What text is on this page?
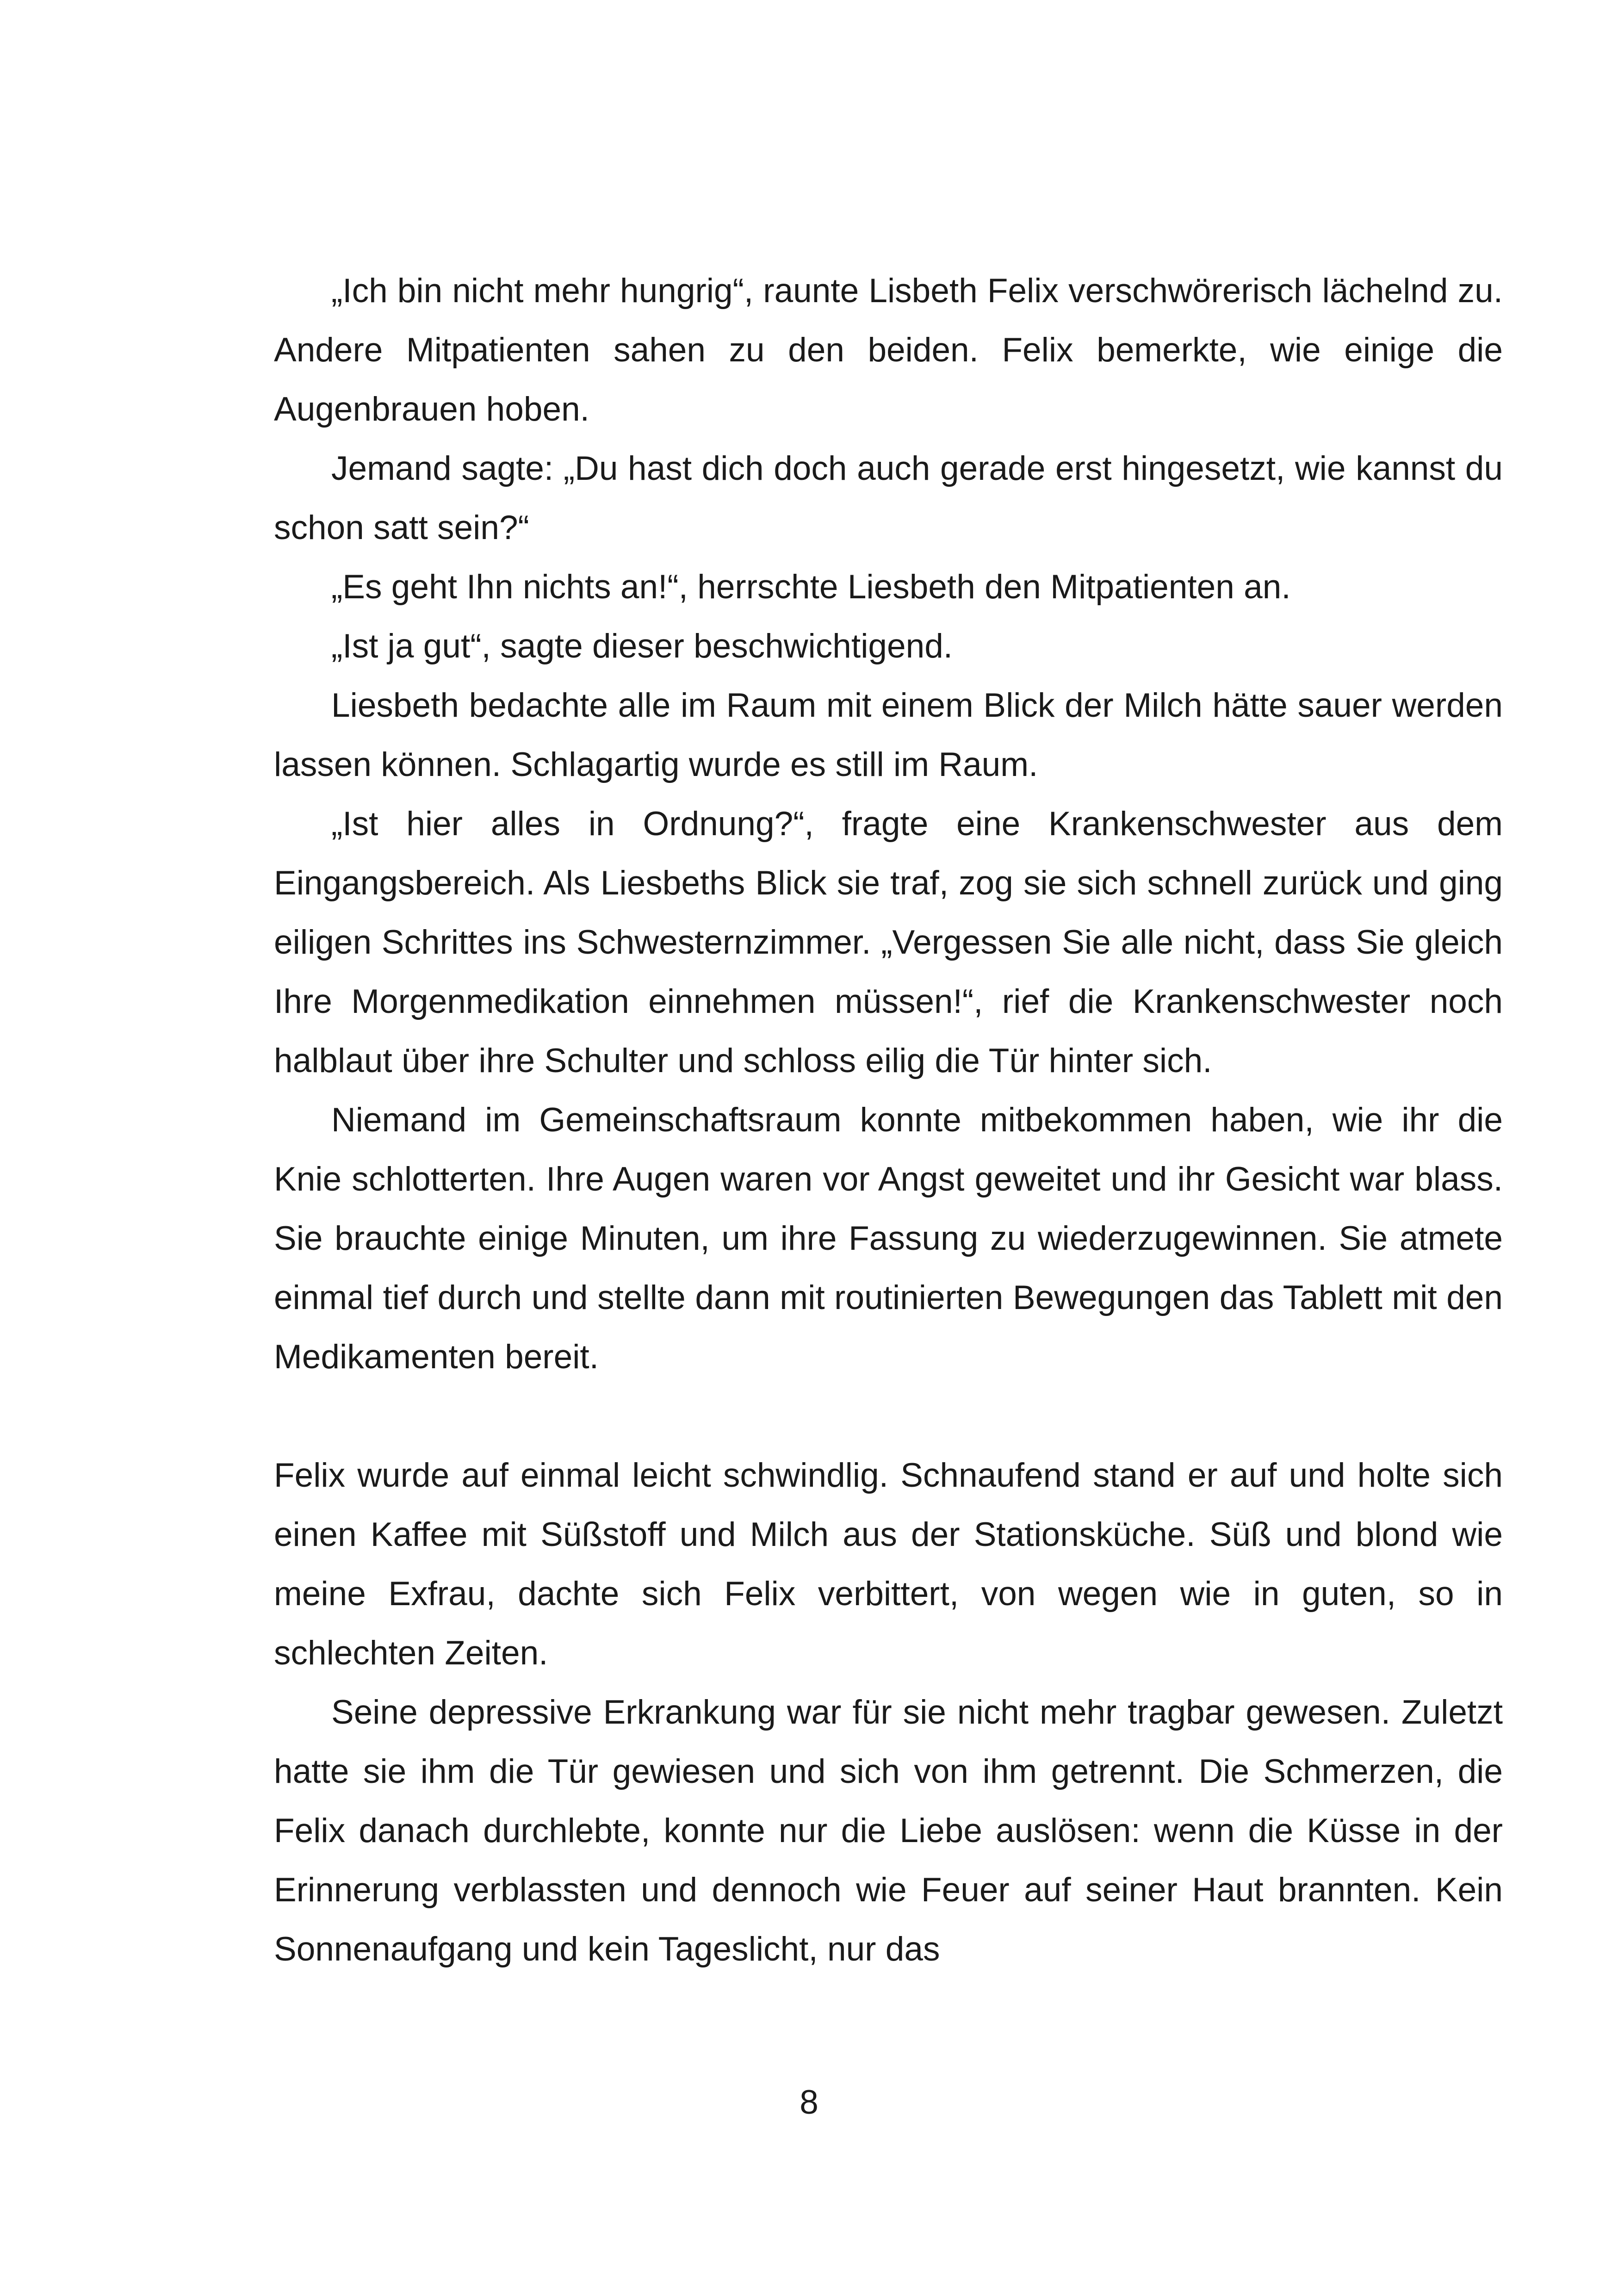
„Ich bin nicht mehr hungrig“, raunte Lisbeth Felix verschwörerisch lächelnd zu. Andere Mitpatienten sahen zu den beiden. Felix bemerkte, wie einige die Augenbrauen hoben.

Jemand sagte: „Du hast dich doch auch gerade erst hingesetzt, wie kannst du schon satt sein?“

„Es geht Ihn nichts an!“, herrschte Liesbeth den Mitpatienten an.

„Ist ja gut“, sagte dieser beschwichtigend.

Liesbeth bedachte alle im Raum mit einem Blick der Milch hätte sauer werden lassen können. Schlagartig wurde es still im Raum.

„Ist hier alles in Ordnung?“, fragte eine Krankenschwester aus dem Eingangsbereich. Als Liesbeths Blick sie traf, zog sie sich schnell zurück und ging eiligen Schrittes ins Schwesternzimmer. „Vergessen Sie alle nicht, dass Sie gleich Ihre Morgenmedikation einnehmen müssen!“, rief die Krankenschwester noch halblaut über ihre Schulter und schloss eilig die Tür hinter sich.

Niemand im Gemeinschaftsraum konnte mitbekommen haben, wie ihr die Knie schlotterten. Ihre Augen waren vor Angst geweitet und ihr Gesicht war blass. Sie brauchte einige Minuten, um ihre Fassung zu wiederzugewinnen. Sie atmete einmal tief durch und stellte dann mit routinierten Bewegungen das Tablett mit den Medikamenten bereit.

Felix wurde auf einmal leicht schwindlig. Schnaufend stand er auf und holte sich einen Kaffee mit Süßstoff und Milch aus der Stationsküche. Süß und blond wie meine Exfrau, dachte sich Felix verbittert, von wegen wie in guten, so in schlechten Zeiten.

Seine depressive Erkrankung war für sie nicht mehr tragbar gewesen. Zuletzt hatte sie ihm die Tür gewiesen und sich von ihm getrennt. Die Schmerzen, die Felix danach durchlebte, konnte nur die Liebe auslösen: wenn die Küsse in der Erinnerung verblassten und dennoch wie Feuer auf seiner Haut brannten. Kein Sonnenaufgang und kein Tageslicht, nur das

8
